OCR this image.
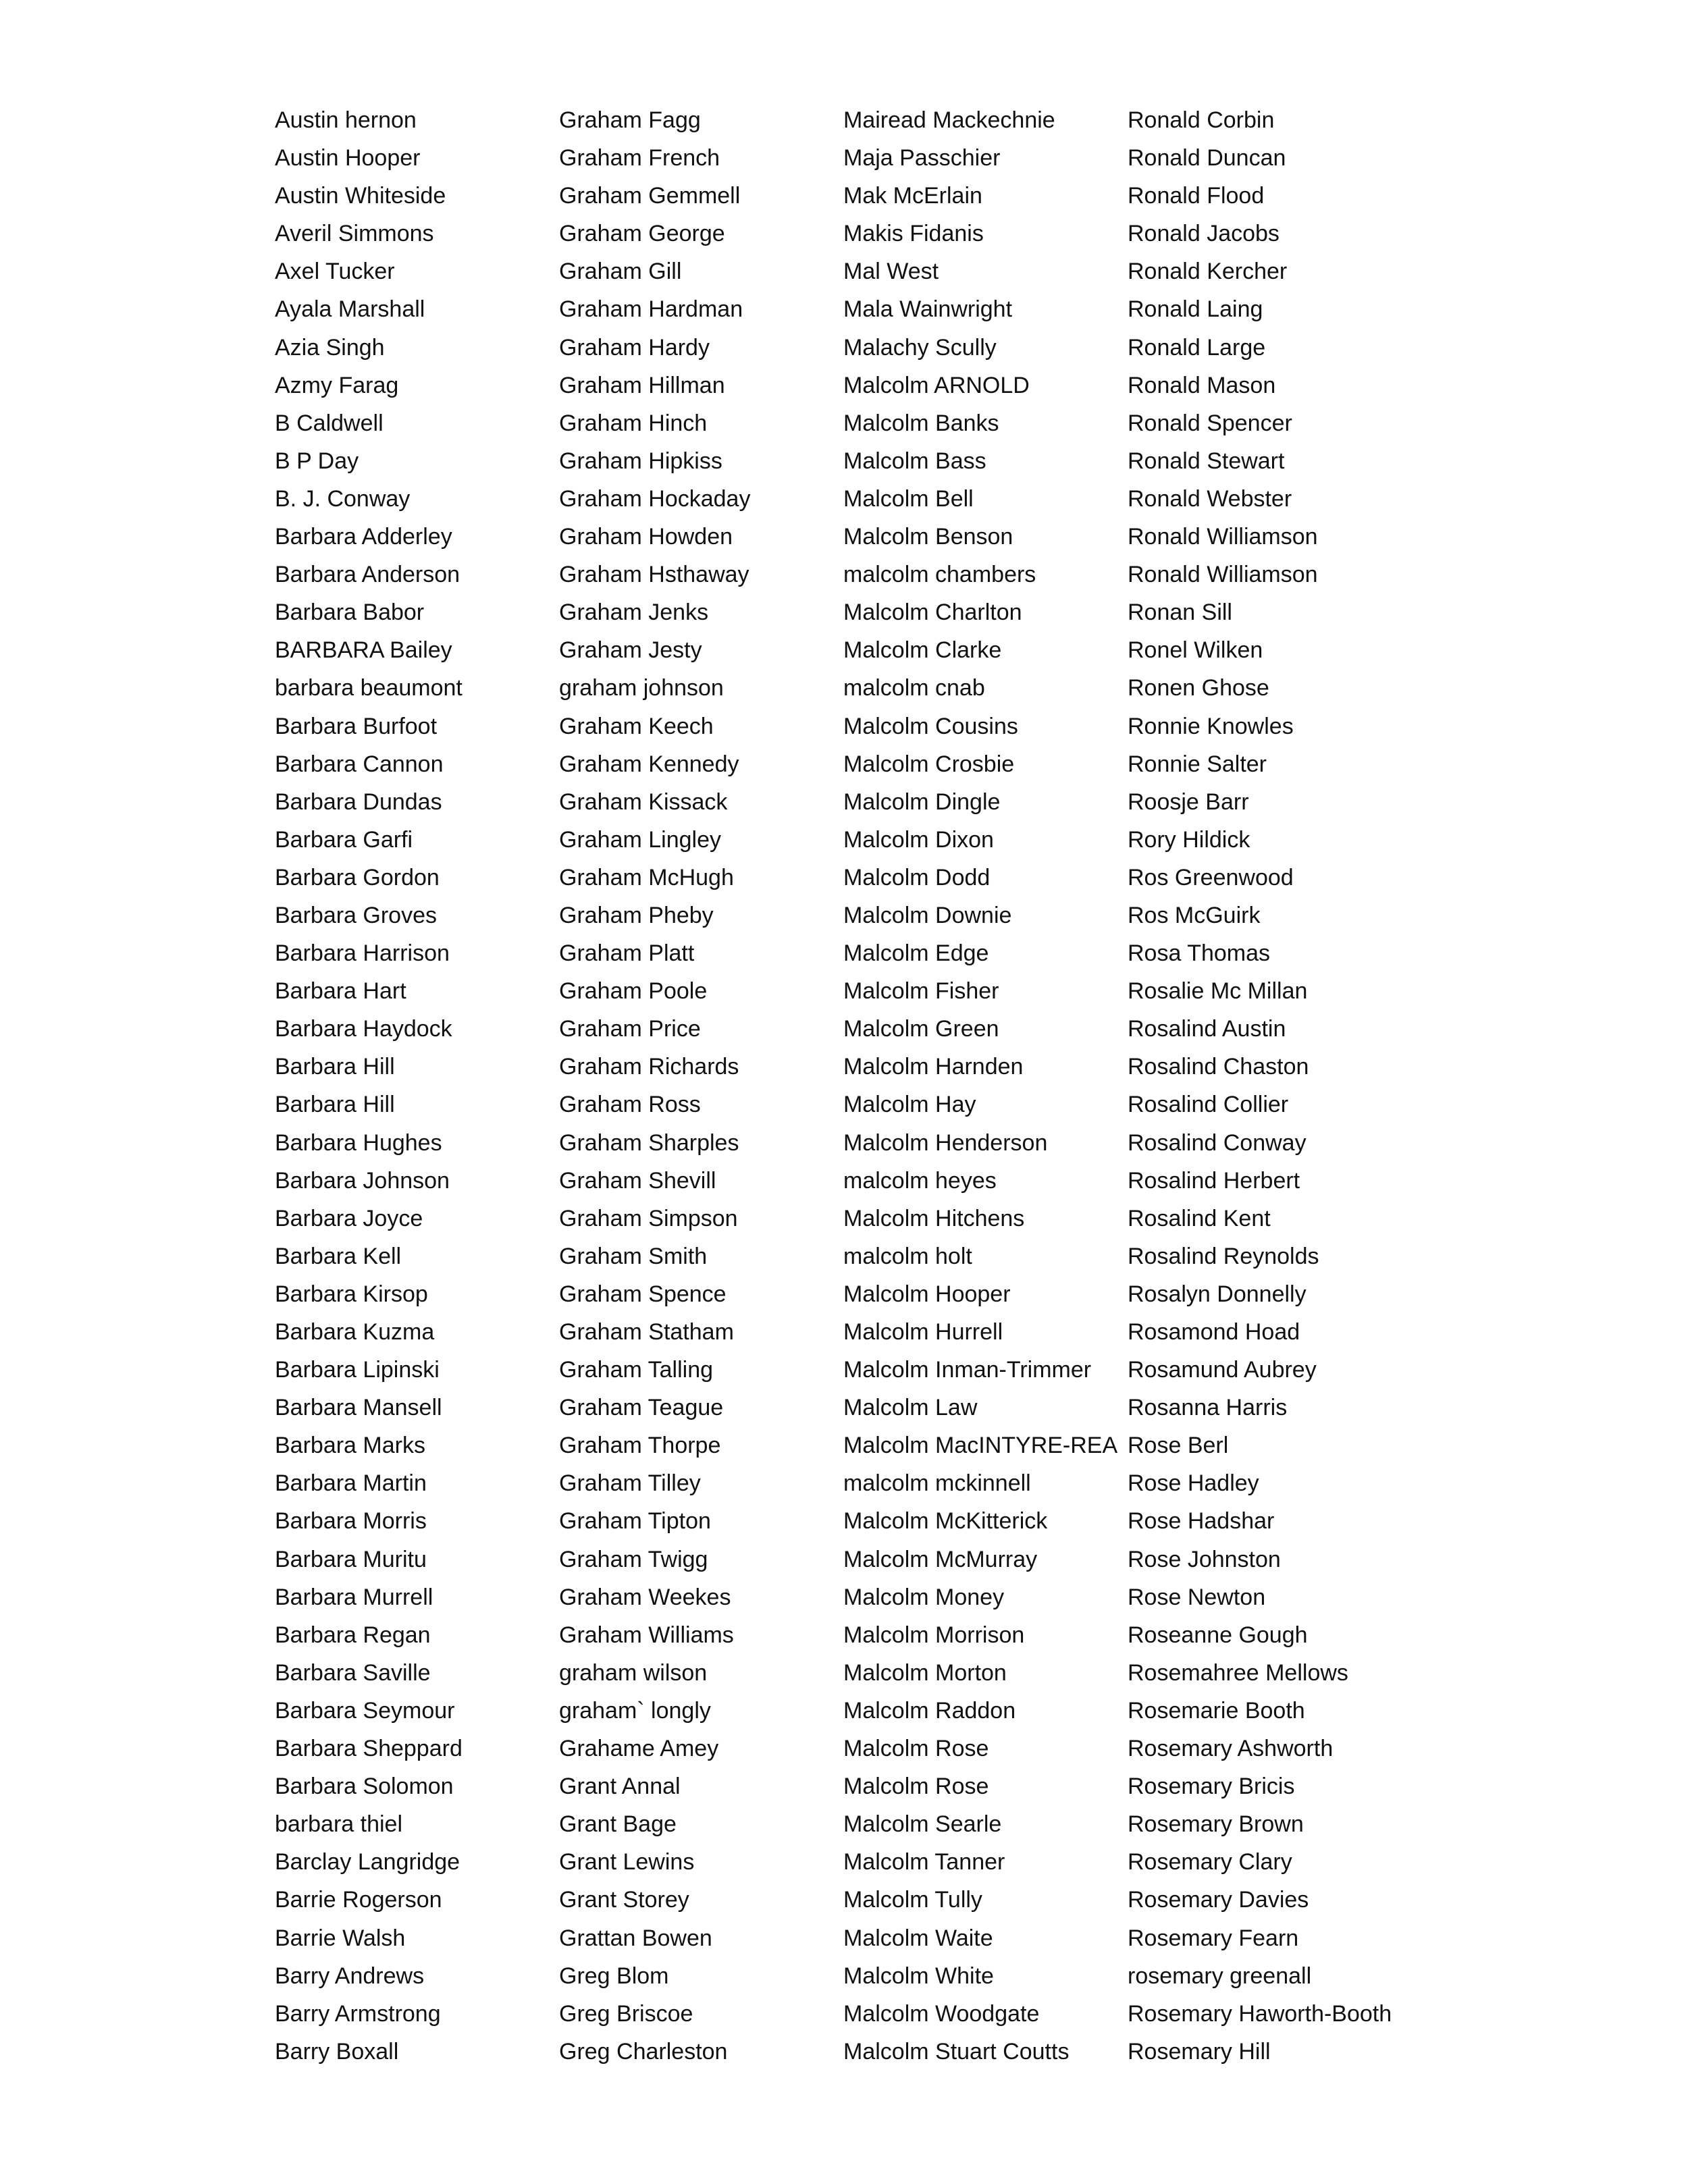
Austin hernon
Austin Hooper
Austin Whiteside
Averil Simmons
Axel Tucker
Ayala Marshall
Azia Singh
Azmy Farag
B Caldwell
B P Day
B. J. Conway
Barbara Adderley
Barbara Anderson
Barbara Babor
BARBARA Bailey
barbara beaumont
Barbara Burfoot
Barbara Cannon
Barbara Dundas
Barbara Garfi
Barbara Gordon
Barbara Groves
Barbara Harrison
Barbara Hart
Barbara Haydock
Barbara Hill
Barbara Hill
Barbara Hughes
Barbara Johnson
Barbara Joyce
Barbara Kell
Barbara Kirsop
Barbara Kuzma
Barbara Lipinski
Barbara Mansell
Barbara Marks
Barbara Martin
Barbara Morris
Barbara Muritu
Barbara Murrell
Barbara Regan
Barbara Saville
Barbara Seymour
Barbara Sheppard
Barbara Solomon
barbara thiel
Barclay Langridge
Barrie Rogerson
Barrie Walsh
Barry Andrews
Barry Armstrong
Barry Boxall
Graham Fagg
Graham French
Graham Gemmell
Graham George
Graham Gill
Graham Hardman
Graham Hardy
Graham Hillman
Graham Hinch
Graham Hipkiss
Graham Hockaday
Graham Howden
Graham Hsthaway
Graham Jenks
Graham Jesty
graham johnson
Graham Keech
Graham Kennedy
Graham Kissack
Graham Lingley
Graham McHugh
Graham Pheby
Graham Platt
Graham Poole
Graham Price
Graham Richards
Graham Ross
Graham Sharples
Graham Shevill
Graham Simpson
Graham Smith
Graham Spence
Graham Statham
Graham Talling
Graham Teague
Graham Thorpe
Graham Tilley
Graham Tipton
Graham Twigg
Graham Weekes
Graham Williams
graham wilson
graham` longly
Grahame Amey
Grant Annal
Grant Bage
Grant Lewins
Grant Storey
Grattan Bowen
Greg Blom
Greg Briscoe
Greg Charleston
Mairead Mackechnie
Maja Passchier
Mak McErlain
Makis Fidanis
Mal West
Mala Wainwright
Malachy Scully
Malcolm ARNOLD
Malcolm Banks
Malcolm Bass
Malcolm Bell
Malcolm Benson
malcolm chambers
Malcolm Charlton
Malcolm Clarke
malcolm cnab
Malcolm Cousins
Malcolm Crosbie
Malcolm Dingle
Malcolm Dixon
Malcolm Dodd
Malcolm Downie
Malcolm Edge
Malcolm Fisher
Malcolm Green
Malcolm Harnden
Malcolm Hay
Malcolm Henderson
malcolm heyes
Malcolm Hitchens
malcolm holt
Malcolm Hooper
Malcolm Hurrell
Malcolm Inman-Trimmer
Malcolm Law
Malcolm MacINTYRE-REA
malcolm mckinnell
Malcolm McKitterick
Malcolm McMurray
Malcolm Money
Malcolm Morrison
Malcolm Morton
Malcolm Raddon
Malcolm Rose
Malcolm Rose
Malcolm Searle
Malcolm Tanner
Malcolm Tully
Malcolm Waite
Malcolm White
Malcolm Woodgate
Malcolm Stuart Coutts
Ronald Corbin
Ronald Duncan
Ronald Flood
Ronald Jacobs
Ronald Kercher
Ronald Laing
Ronald Large
Ronald Mason
Ronald Spencer
Ronald Stewart
Ronald Webster
Ronald Williamson
Ronald Williamson
Ronan Sill
Ronel Wilken
Ronen Ghose
Ronnie Knowles
Ronnie Salter
Roosje Barr
Rory Hildick
Ros Greenwood
Ros McGuirk
Rosa Thomas
Rosalie Mc Millan
Rosalind Austin
Rosalind Chaston
Rosalind Collier
Rosalind Conway
Rosalind Herbert
Rosalind Kent
Rosalind Reynolds
Rosalyn Donnelly
Rosamond Hoad
Rosamund Aubrey
Rosanna Harris
Rose Berl
Rose Hadley
Rose Hadshar
Rose Johnston
Rose Newton
Roseanne Gough
Rosemahree Mellows
Rosemarie Booth
Rosemary Ashworth
Rosemary Bricis
Rosemary Brown
Rosemary Clary
Rosemary Davies
Rosemary Fearn
rosemary greenall
Rosemary Haworth-Booth
Rosemary Hill
